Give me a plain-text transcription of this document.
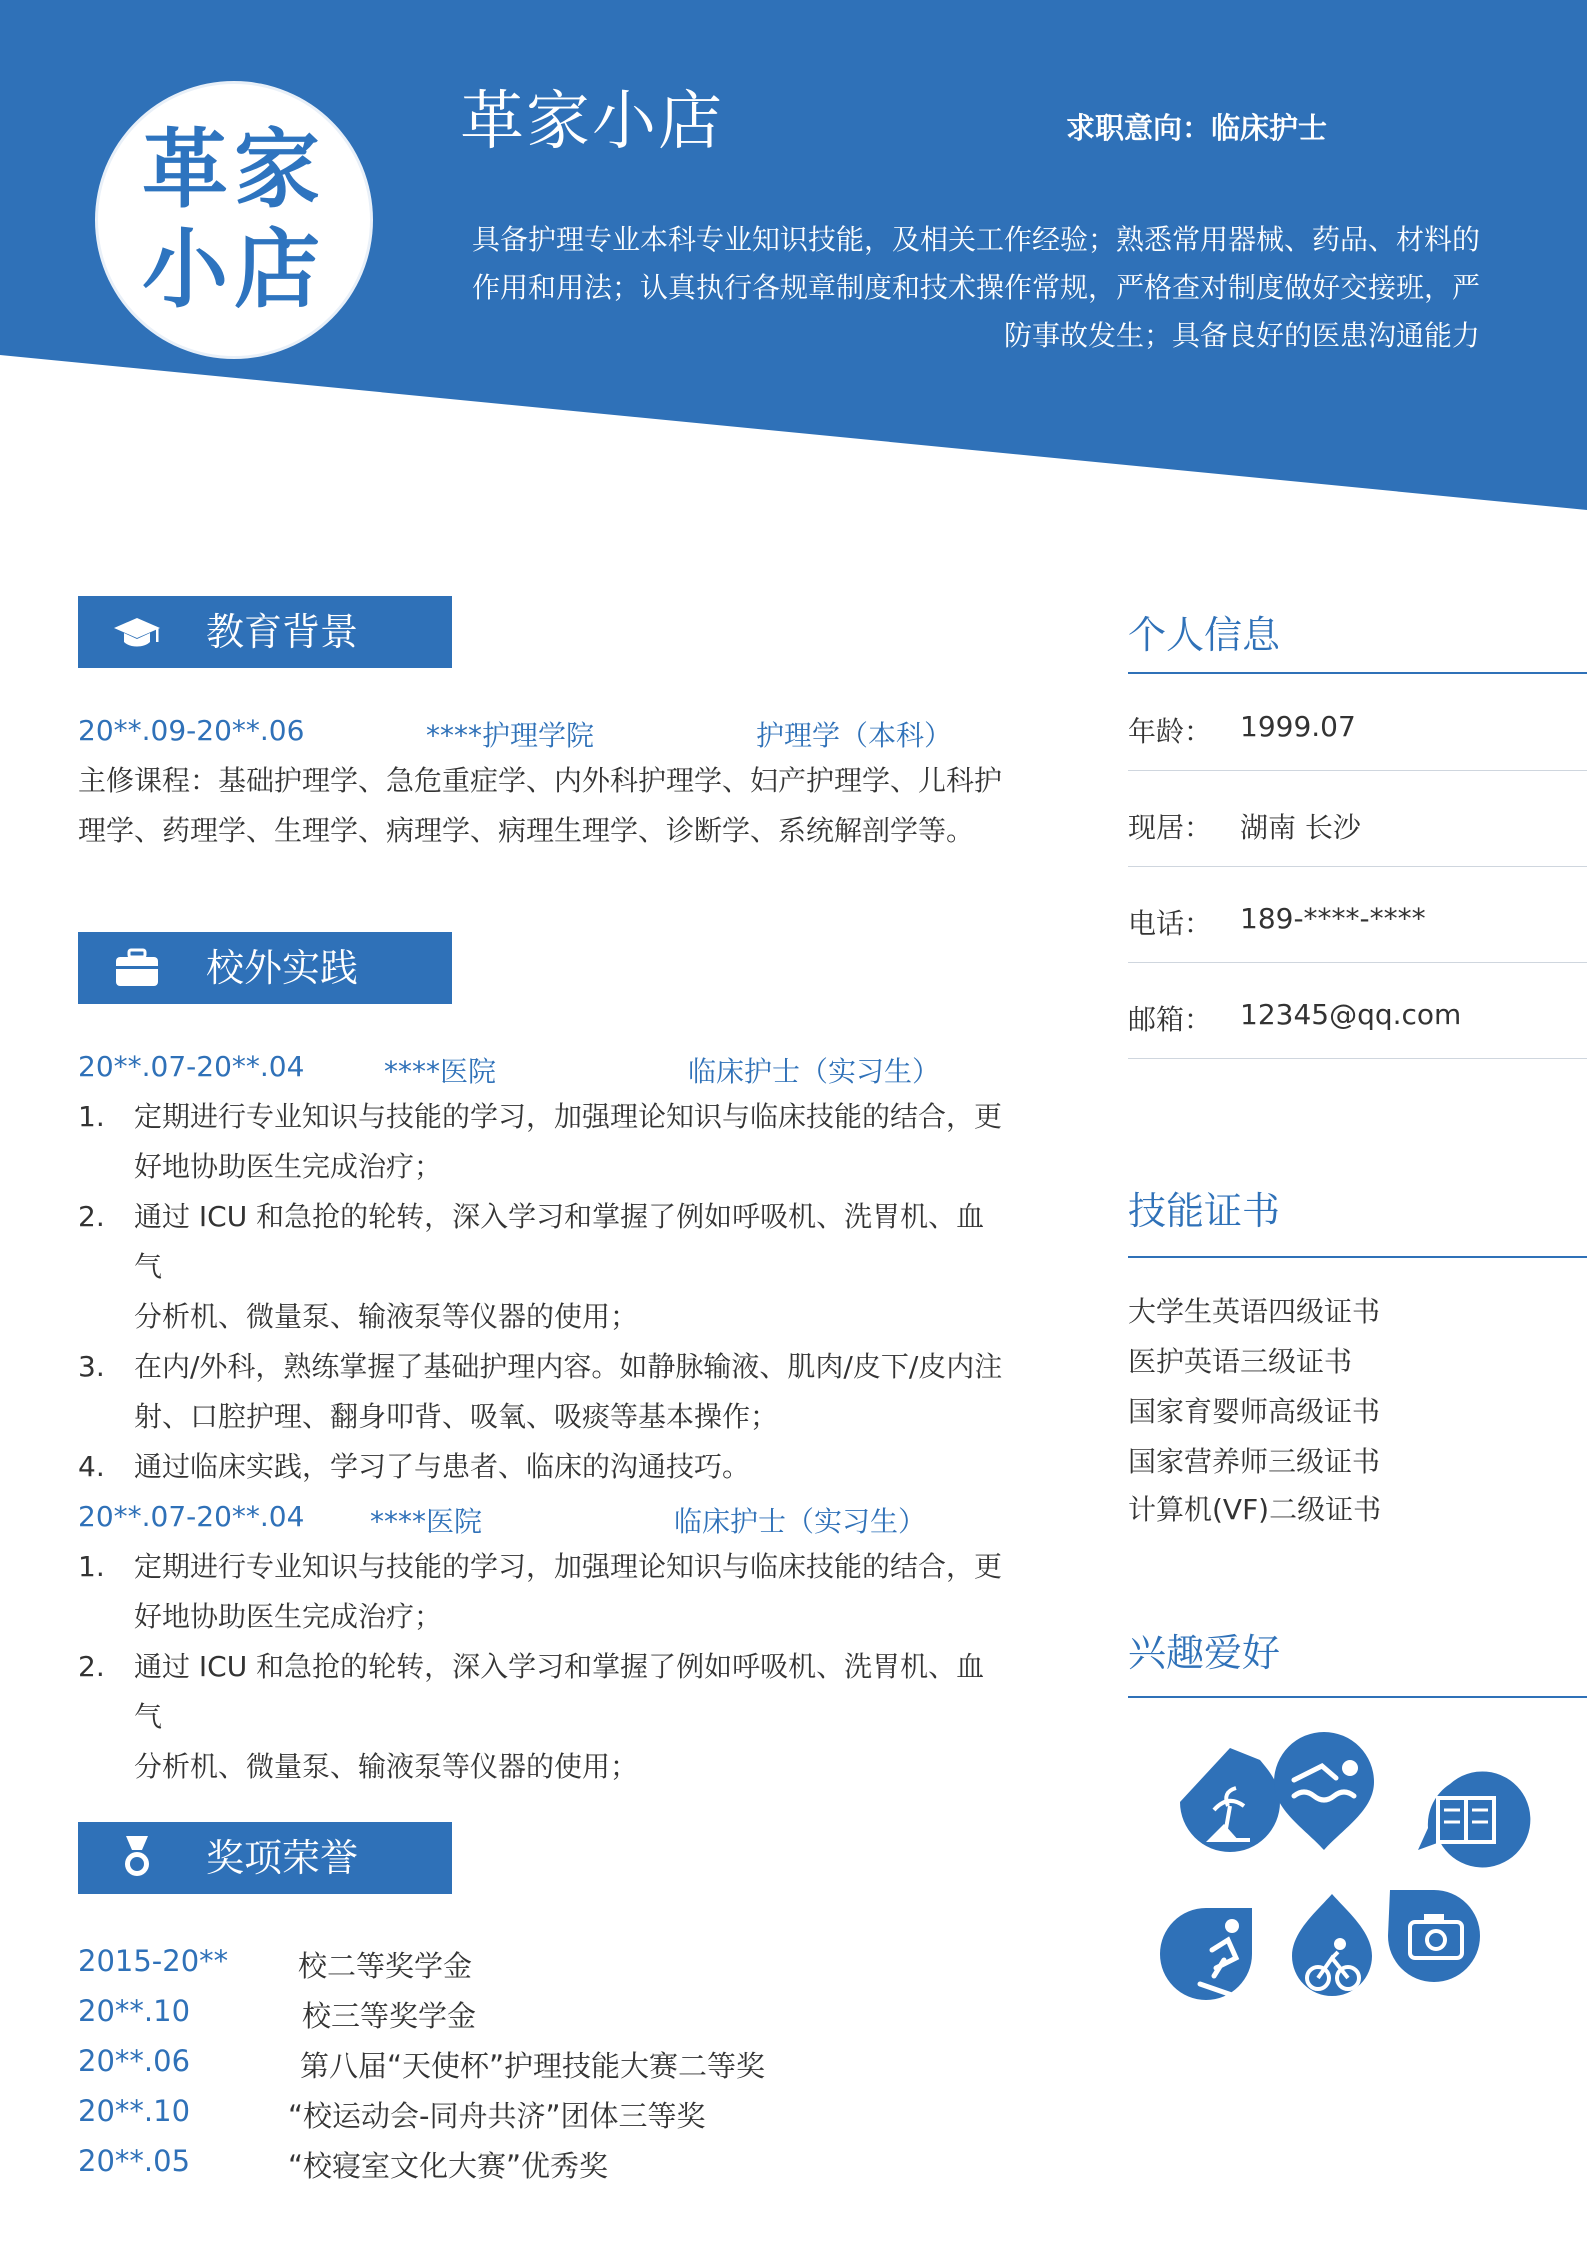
革家
小店
革家小店	求职意向：临床护士

具备护理专业本科专业知识技能，及相关工作经验；熟悉常用器械、药品、材料的

作用和用法；认真执行各规章制度和技术操作常规，严格查对制度做好交接班，严

防事故发生；具备良好的医患沟通能力

教育背景
20**.09-20**.06	****护理学院	护理学（本科）
主修课程：基础护理学、急危重症学、内外科护理学、妇产护理学、儿科护
理学、药理学、生理学、病理学、病理生理学、诊断学、系统解剖学等。
校外实践
20**.07-20**.04	****医院	临床护士（实习生）
1. 定期进行专业知识与技能的学习，加强理论知识与临床技能的结合，更
好地协助医生完成治疗；
2. 通过 ICU 和急抢的轮转，深入学习和掌握了例如呼吸机、洗胃机、血气
分析机、微量泵、输液泵等仪器的使用；
3. 在内/外科，熟练掌握了基础护理内容。如静脉输液、肌肉/皮下/皮内注
射、口腔护理、翻身叩背、吸氧、吸痰等基本操作；
4. 通过临床实践，学习了与患者、临床的沟通技巧。
20**.07-20**.04 ****医院	临床护士（实习生）
1. 定期进行专业知识与技能的学习，加强理论知识与临床技能的结合，更
好地协助医生完成治疗；
2. 通过 ICU 和急抢的轮转，深入学习和掌握了例如呼吸机、洗胃机、血气
分析机、微量泵、输液泵等仪器的使用；
奖项荣誉
2015-20** 校二等奖学金
20**.10	校三等奖学金
20**.06	第八届“天使杯”护理技能大赛二等奖
20**.10	“校运动会-同舟共济”团体三等奖
20**.05	“校寝室文化大赛”优秀奖
个人信息
年龄： 1999.07
现居： 湖南 长沙
电话： 189-****-****
邮箱： 12345@qq.com
技能证书
大学生英语四级证书
医护英语三级证书
国家育婴师高级证书
国家营养师三级证书
计算机(VF)二级证书
兴趣爱好
